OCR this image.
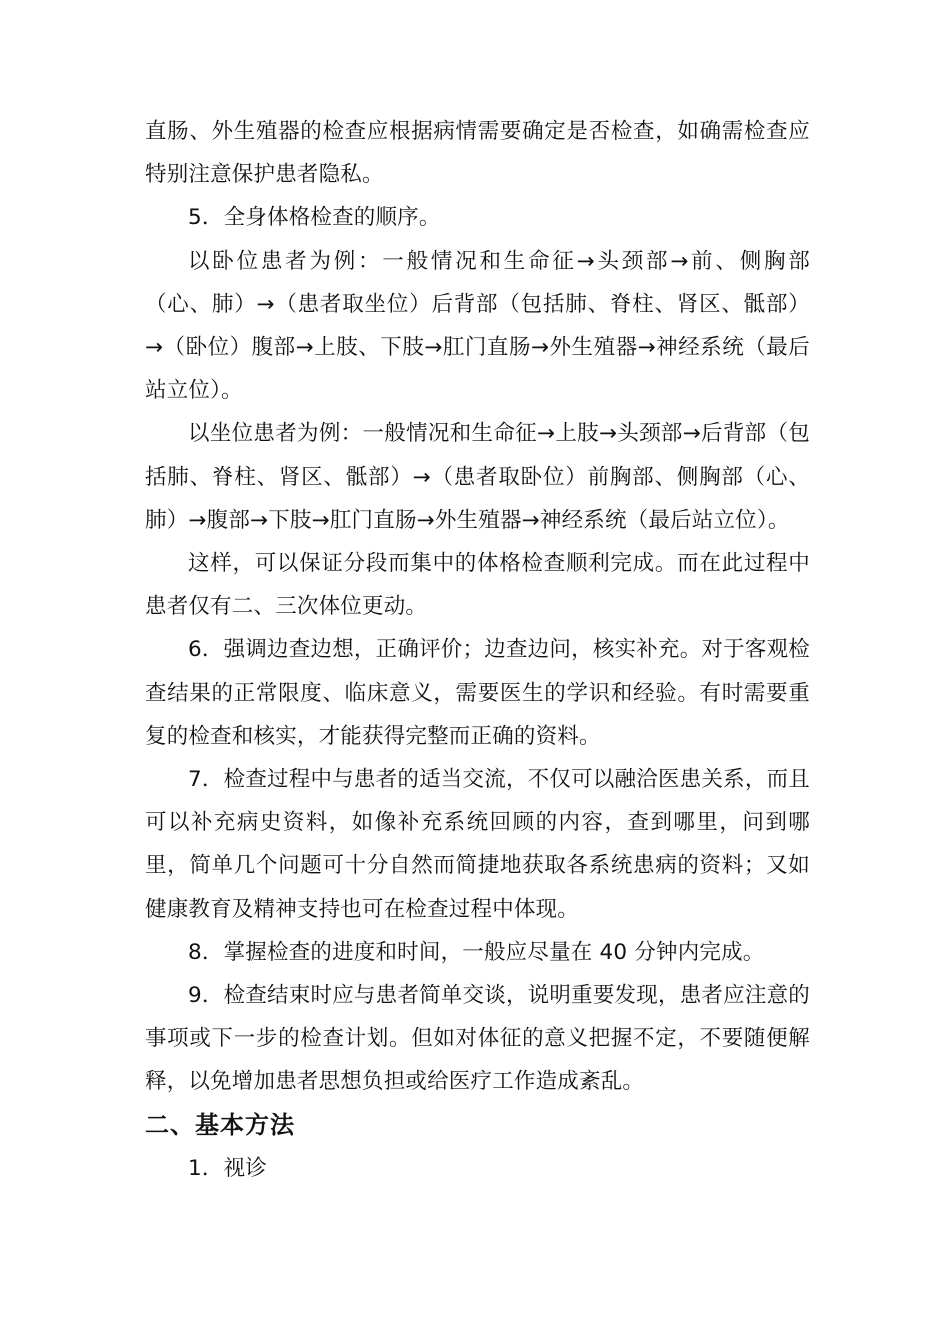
直肠、外生殖器的检查应根据病情需要确定是否检查，如确需检查应特别注意保护患者隐私。

5．全身体格检查的顺序。

以卧位患者为例：一般情况和生命征→头颈部→前、侧胸部（心、肺）→（患者取坐位）后背部（包括肺、脊柱、肾区、骶部）→（卧位）腹部→上肢、下肢→肛门直肠→外生殖器→神经系统（最后站立位）。

以坐位患者为例：一般情况和生命征→上肢→头颈部→后背部（包括肺、脊柱、肾区、骶部）→（患者取卧位）前胸部、侧胸部（心、肺）→腹部→下肢→肛门直肠→外生殖器→神经系统（最后站立位）。

这样，可以保证分段而集中的体格检查顺利完成。而在此过程中患者仅有二、三次体位更动。

6．强调边查边想，正确评价；边查边问，核实补充。对于客观检查结果的正常限度、临床意义，需要医生的学识和经验。有时需要重复的检查和核实，才能获得完整而正确的资料。

7．检查过程中与患者的适当交流，不仅可以融洽医患关系，而且可以补充病史资料，如像补充系统回顾的内容，查到哪里，问到哪里，简单几个问题可十分自然而简捷地获取各系统患病的资料；又如健康教育及精神支持也可在检查过程中体现。

8．掌握检查的进度和时间，一般应尽量在 40 分钟内完成。

9．检查结束时应与患者简单交谈，说明重要发现，患者应注意的事项或下一步的检查计划。但如对体征的意义把握不定，不要随便解释，以免增加患者思想负担或给医疗工作造成紊乱。

二、基本方法

1．视诊
